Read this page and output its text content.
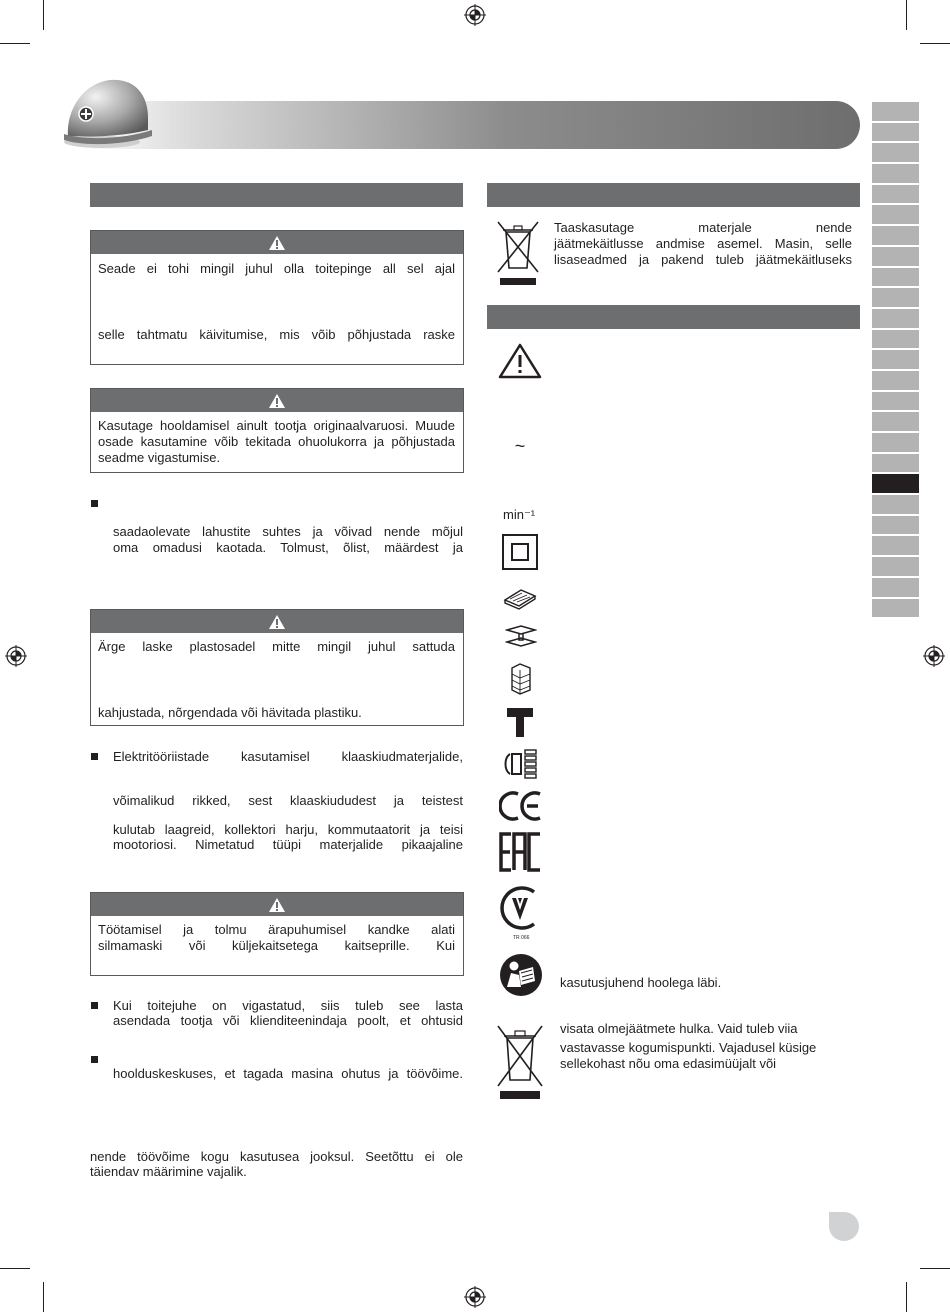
Seade ei tohi mingil juhul olla toitepinge all sel ajal
selle tahtmatu käivitumise, mis võib põhjustada raske
Kasutage hooldamisel ainult tootja originaalvaruosi. Muude osade kasutamine võib tekitada ohuolukorra ja põhjustada seadme vigastumise.
saadaolevate lahustite suhtes ja võivad nende mõjul
oma omadusi kaotada. Tolmust, õlist, määrdest ja
Ärge laske plastosadel mitte mingil juhul sattuda
kahjustada, nõrgendada või hävitada plastiku.
Elektritööriistade kasutamisel klaaskiudmaterjalide,
võimalikud rikked, sest klaaskiududest ja teistest
kulutab laagreid, kollektori harju, kommutaatorit ja teisi
mootoriosi. Nimetatud tüüpi materjalide pikaajaline
Töötamisel ja tolmu ärapuhumisel kandke alati
silmamaski või küljekaitsetega kaitseprille. Kui
Kui toitejuhe on vigastatud, siis tuleb see lasta
asendada tootja või klienditeenindaja poolt, et ohtusid
hoolduskeskuses, et tagada masina ohutus ja töövõime.
nende töövõime kogu kasutusea jooksul. Seetõttu ei ole
täiendav määrimine vajalik.
Taaskasutage materjale nende
jäätmekäitlusse andmise asemel. Masin, selle
lisaseadmed ja pakend tuleb jäätmekäitluseks
~
min⁻¹
TR 066
kasutusjuhend hoolega läbi.
visata olmejäätmete hulka. Vaid tuleb viia
vastavasse kogumispunkti. Vajadusel küsige
sellekohast nõu oma edasimüüjalt või
